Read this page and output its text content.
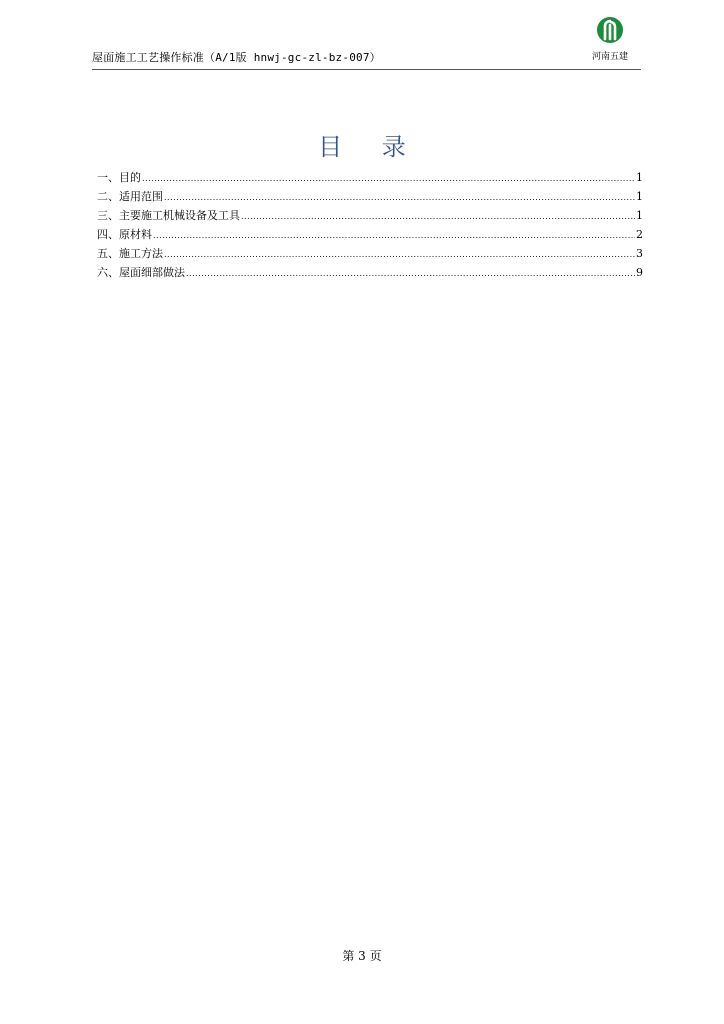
屋面施工工艺操作标准（A/1版 hnwj-gc-zl-bz-007）	河南五建
目 录
一、目的 .....	1
二、适用范围 .....	1
三、主要施工机械设备及工具 .....	1
四、原材料 .....	2
五、施工方法 .....	3
六、屋面细部做法 .....	9
第 3 页
